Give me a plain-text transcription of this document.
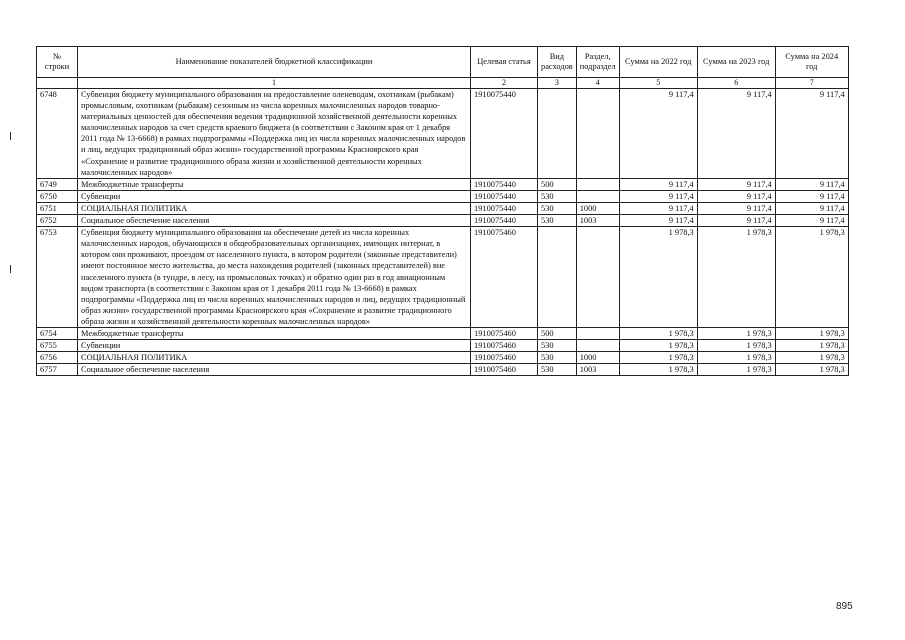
№ строки	Наименование показателей бюджетной классификации	Целевая статья	Вид расходов	Раздел, подраздел	Сумма на 2022 год	Сумма на 2023 год	Сумма на 2024 год
	1	2	3	4	5	6	7
6748	Субвенция бюджету муниципального образования на предоставление оленеводам, охотникам (рыбакам) промысловым, охотникам (рыбакам) сезонным из числа коренных малочисленных народов товарно-материальных ценностей для обеспечения ведения традиционной хозяйственной деятельности коренных малочисленных народов за счет средств краевого бюджета (в соответствии с Законом края от 1 декабря 2011 года № 13-6668) в рамках подпрограммы «Поддержка лиц из числа коренных малочисленных народов и лиц, ведущих традиционный образ жизни» государственной программы Красноярского края «Сохранение и развитие традиционного образа жизни и хозяйственной деятельности коренных малочисленных народов»	1910075440			9 117,4	9 117,4	9 117,4
6749	Межбюджетные трансферты	1910075440	500		9 117,4	9 117,4	9 117,4
6750	Субвенции	1910075440	530		9 117,4	9 117,4	9 117,4
6751	СОЦИАЛЬНАЯ ПОЛИТИКА	1910075440	530	1000	9 117,4	9 117,4	9 117,4
6752	Социальное обеспечение населения	1910075440	530	1003	9 117,4	9 117,4	9 117,4
6753	Субвенция бюджету муниципального образования на обеспечение детей из числа коренных малочисленных народов, обучающихся в общеобразовательных организациях, имеющих интернат, в котором они проживают, проездом от населенного пункта, в котором родители (законные представители) имеют постоянное место жительства, до места нахождения родителей (законных представителей) вне населенного пункта (в тундре, в лесу, на промысловых точках) и обратно один раз в год авиационным видом транспорта (в соответствии с Законом края от 1 декабря 2011 года № 13-6668) в рамках подпрограммы «Поддержка лиц из числа коренных малочисленных народов и лиц, ведущих традиционный образ жизни» государственной программы Красноярского края «Сохранение и развитие традиционного образа жизни и хозяйственной деятельности коренных малочисленных народов»	1910075460			1 978,3	1 978,3	1 978,3
6754	Межбюджетные трансферты	1910075460	500		1 978,3	1 978,3	1 978,3
6755	Субвенции	1910075460	530		1 978,3	1 978,3	1 978,3
6756	СОЦИАЛЬНАЯ ПОЛИТИКА	1910075460	530	1000	1 978,3	1 978,3	1 978,3
6757	Социальное обеспечение населения	1910075460	530	1003	1 978,3	1 978,3	1 978,3
895
